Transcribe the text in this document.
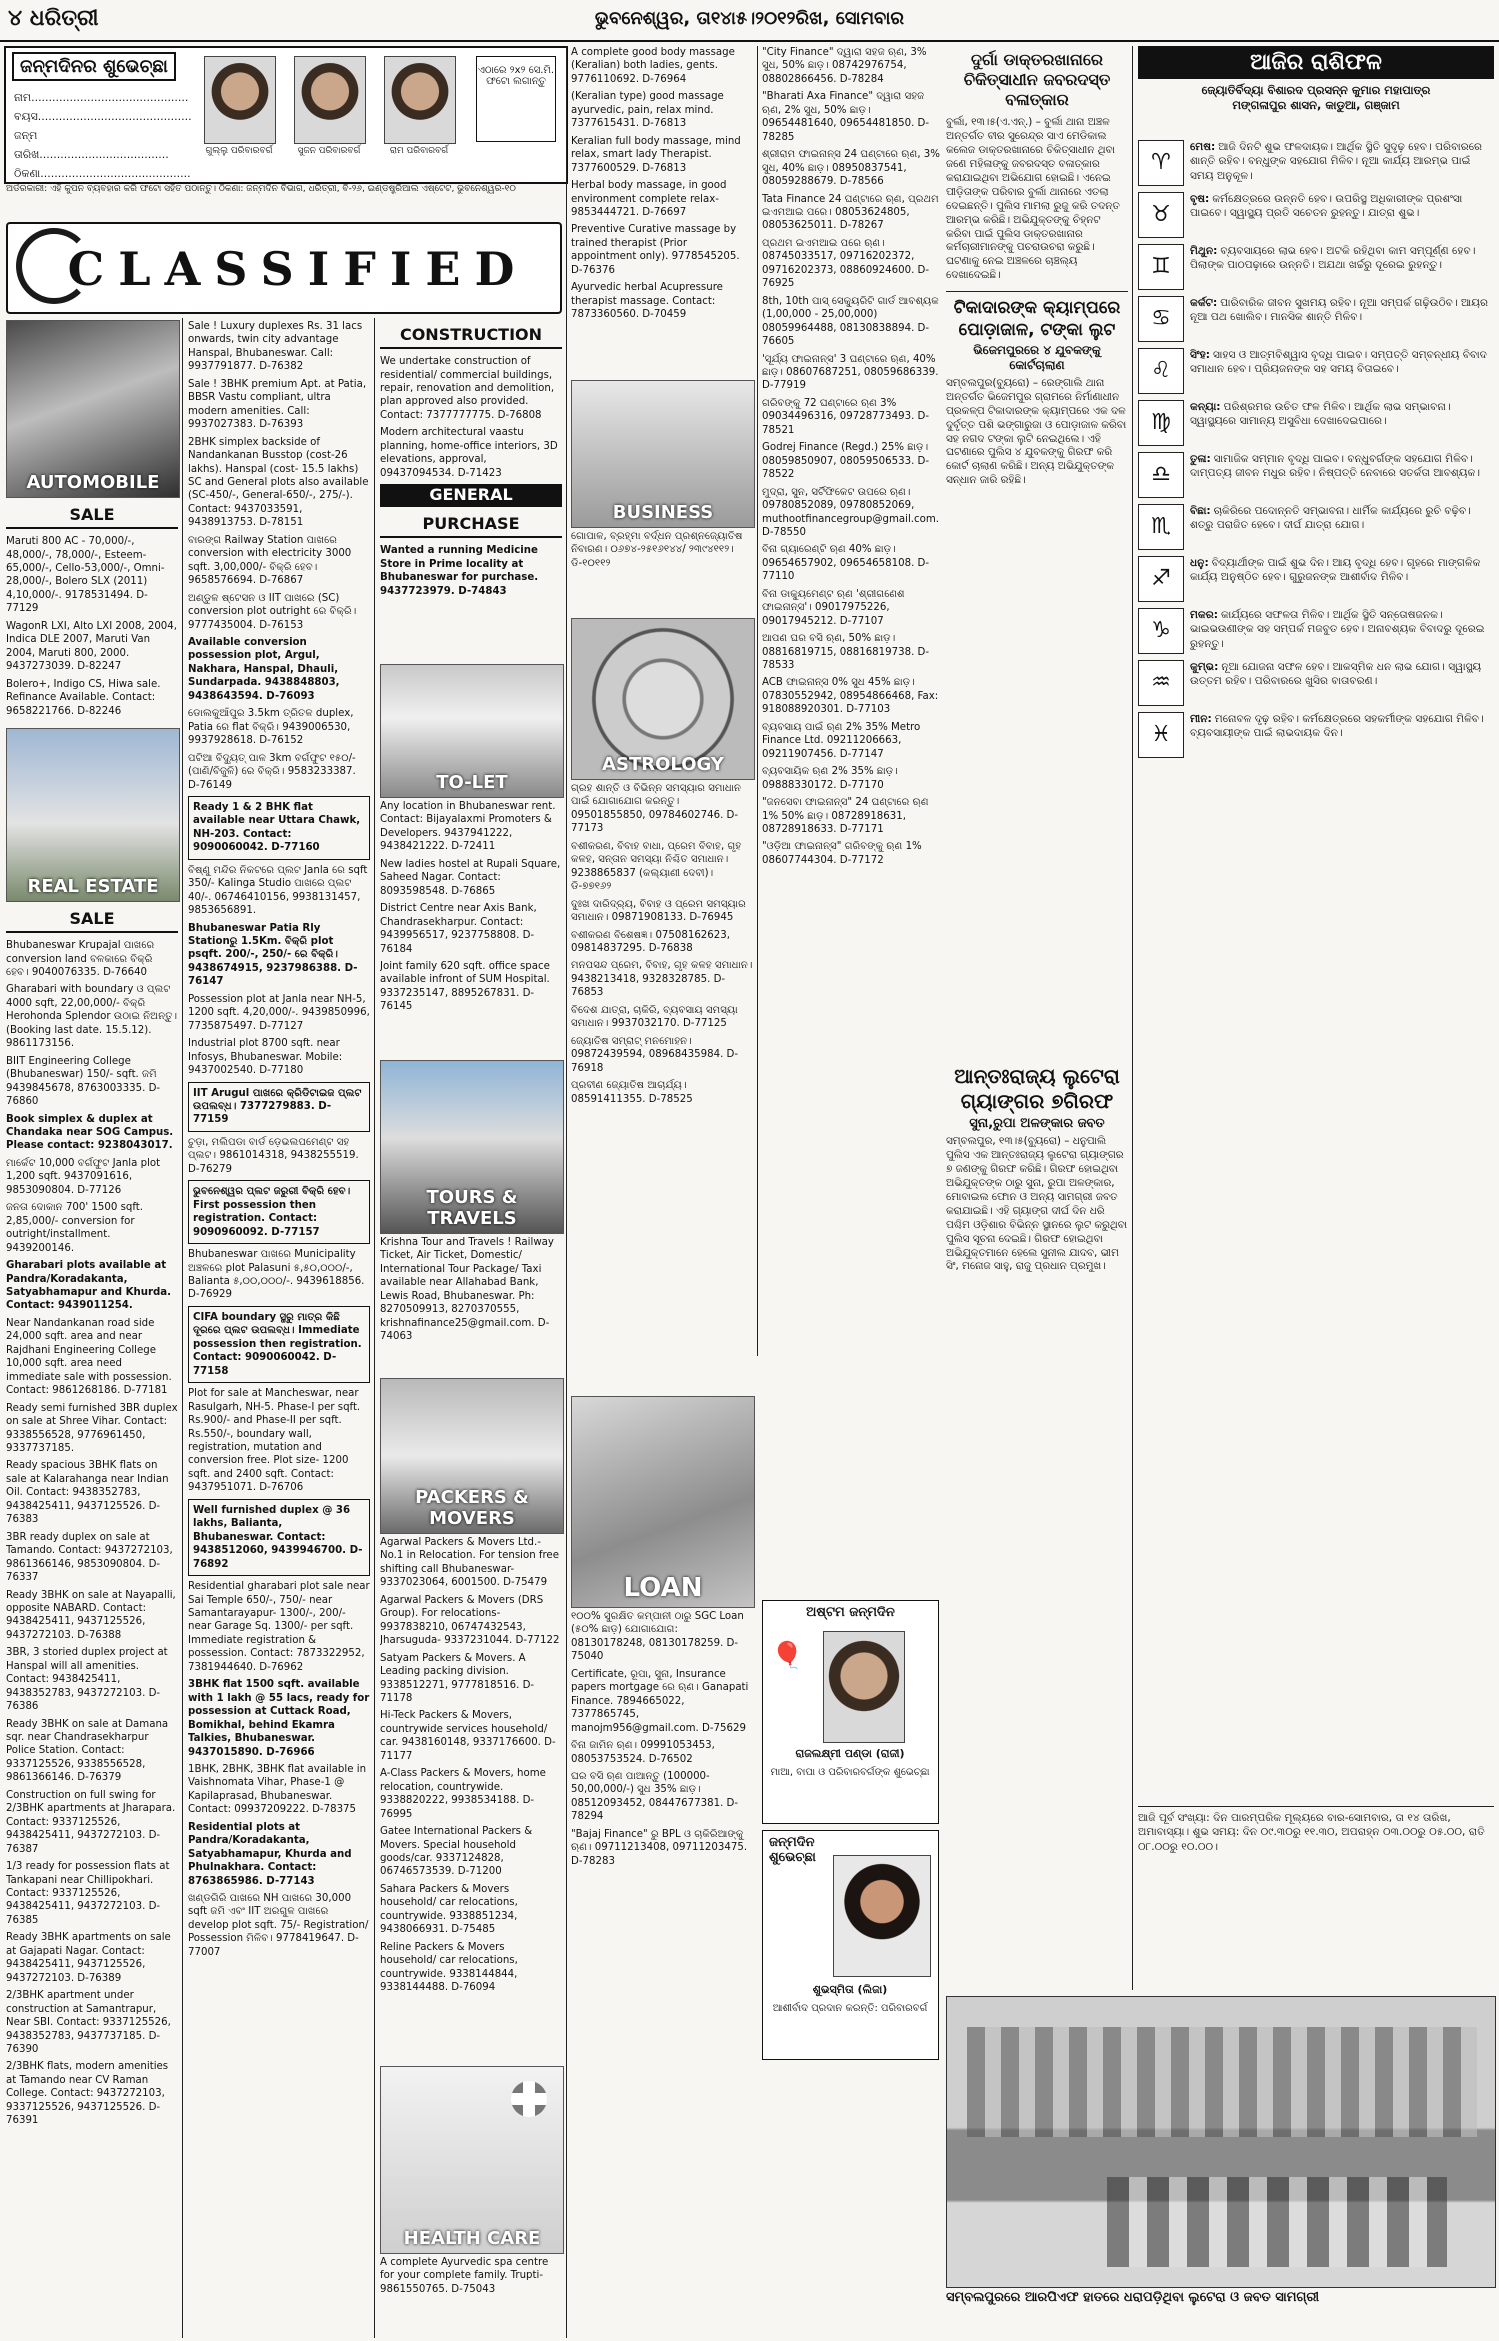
୪ ଧରିତ୍ରୀ	ଭୁବନେଶ୍ୱର, ତା୧୪ା୫।୨୦୧୨ରିଖ, ସୋମବାର
ଜନ୍ମଦିନର ଶୁଭେଚ୍ଛା
ନାମ.............................................
ବୟସ............................................
ଜନ୍ମ ତାରିଖ.....................................
ଠିକଣା...........................................
ଗୁଲ୍ଲୁ ପରିବାରବର୍ଗ	ସୁଜନ ପରିବାରବର୍ଗ	ରାମ ପରିବାରବର୍ଗ
ଏଠାରେ ୨x୨ ସେ.ମି. ଫଟୋ ଲଗାନ୍ତୁ
ଅର୍ଡରକାରୀ: ଏହି କୁପନ ବ୍ୟବହାର କରି ଫଟୋ ସହିତ ପଠାନ୍ତୁ। ଠିକଣା: ଜନ୍ମଦିନ ବିଭାଗ, ଧରିତ୍ରୀ, ବି-୨୬, ଇଣ୍ଡଷ୍ଟ୍ରିଆଲ ଏଷ୍ଟେଟ, ଭୁବନେଶ୍ୱର-୧୦
CLASSIFIED
AUTOMOBILE
SALE

Maruti 800 AC - 70,000/-, 48,000/-, 78,000/-, Esteem-65,000/-, Cello-53,000/-, Omni-28,000/-, Bolero SLX (2011) 4,10,000/-. 9178531494. D-77129

WagonR LXI, Alto LXI 2008, 2004, Indica DLE 2007, Maruti Van 2004, Maruti 800, 2000. 9437273039. D-82247

Bolero+, Indigo CS, Hiwa sale. Refinance Available. Contact: 9658221766. D-82246

REAL ESTATE
SALE

Bhubaneswar Krupajal ପାଖରେ conversion land ବଳକାରେ ବିକ୍ରି ହେବ। 9040076335. D-76640

Gharabari with boundary ଓ ପ୍ଲଟ 4000 sqft, 22,00,000/- ବିକ୍ରି Herohonda Splendor ଉଠାଇ ନିଅନ୍ତୁ। (Booking last date. 15.5.12). 9861173156.

BIIT Engineering College (Bhubaneswar) 150/- sqft. ଜମି 9439845678, 8763003335. D-76860

Book simplex & duplex at Chandaka near SOG Campus. Please contact: 9238043017.

ମାର୍କେଟ 10,000 ବର୍ଗଫୁଟ Janla plot 1,200 sqft. 9437091616, 9853090804. D-77126

ଜନତା ଦୋକାନ 700' 1500 sqft. 2,85,000/- conversion for outright/installment. 9439200146.

Gharabari plots available at Pandra/Koradakanta, Satyabhamapur and Khurda. Contact: 9439011254.

Near Nandankanan road side 24,000 sqft. area and near Rajdhani Engineering College 10,000 sqft. area need immediate sale with possession. Contact: 9861268186. D-77181

Ready semi furnished 3BR duplex on sale at Shree Vihar. Contact: 9338556528, 9776961450, 9337737185.

Ready spacious 3BHK flats on sale at Kalarahanga near Indian Oil. Contact: 9438352783, 9438425411, 9437125526. D-76383

3BR ready duplex on sale at Tamando. Contact: 9437272103, 9861366146, 9853090804. D-76337

Ready 3BHK on sale at Nayapalli, opposite NABARD. Contact: 9438425411, 9437125526, 9437272103. D-76388

3BR, 3 storied duplex project at Hanspal will all amenities. Contact: 9438425411, 9438352783, 9437272103. D-76386

Ready 3BHK on sale at Damana sqr. near Chandrasekharpur Police Station. Contact: 9337125526, 9338556528, 9861366146. D-76379

Construction on full swing for 2/3BHK apartments at Jharapara. Contact: 9337125526, 9438425411, 9437272103. D-76387

1/3 ready for possession flats at Tankapani near Chillipokhari. Contact: 9337125526, 9438425411, 9437272103. D-76385

Ready 3BHK apartments on sale at Gajapati Nagar. Contact: 9438425411, 9437125526, 9437272103. D-76389

2/3BHK apartment under construction at Samantrapur, Near SBI. Contact: 9337125526, 9438352783, 9437737185. D-76390

2/3BHK flats, modern amenities at Tamando near CV Raman College. Contact: 9437272103, 9337125526, 9437125526. D-76391

Sale ! Luxury duplexes Rs. 31 lacs onwards, twin city advantage Hanspal, Bhubaneswar. Call: 9937791877. D-76382

Sale ! 3BHK premium Apt. at Patia, BBSR Vastu compliant, ultra modern amenities. Call: 9937027383. D-76393

2BHK simplex backside of Nandankanan Busstop (cost-26 lakhs). Hanspal (cost- 15.5 lakhs) SC and General plots also available (SC-450/-, General-650/-, 275/-). Contact: 9437033591, 9438913753. D-78151

ବାରଙ୍ଗ Railway Station ପାଖରେ conversion with electricity 3000 sqft. 3,00,000/- ବିକ୍ରି ହେବ। 9658576694. D-76867

ଅଣ୍ଡୁଳ ଷ୍ଟେସନ ଓ IIT ପାଖରେ (SC) conversion plot outright ରେ ବିକ୍ରି। 9777435004. D-76153

Available conversion possession plot, Argul, Nakhara, Hanspal, Dhauli, Sundarpada. 9438848803, 9438643594. D-76093

ଡୋଲକୁଆଁପୁର 3.5km ତ୍ରିତଳ duplex, Patia ରେ flat ବିକ୍ରି। 9439006530, 9937928618. D-76152

ପଟିଆ ବିଦ୍ୟୁତ୍ ପାଳ 3km ବର୍ଗଫୁଟ ୧୫୦/- (ପାଣି/ବିଜୁଳି) ରେ ବିକ୍ରି। 9583233387. D-76149

Ready 1 & 2 BHK flat available near Uttara Chawk, NH-203. Contact: 9090060042. D-77160

ବିଷ୍ଣୁ ମନ୍ଦିର ନିକଟରେ ପ୍ଲଟ Janla ରେ sqft 350/- Kalinga Studio ପାଖରେ ପ୍ଲଟ 40/-. 06746410156, 9938131457, 9853656891.

Bhubaneswar Patia Rly Stationରୁ 1.5Km. ବିକ୍ରି plot psqft. 200/-, 250/- ରେ ବିକ୍ରି। 9438674915, 9237986388. D-76147

Possession plot at Janla near NH-5, 1200 sqft. 4,20,000/-. 9439850996, 7735875497. D-77127

Industrial plot 8700 sqft. near Infosys, Bhubaneswar. Mobile: 9437002540. D-77180

IIT Arugul ପାଖରେ କ୍ରିଡିଟାଇଜ ପ୍ଲଟ ଉପଲବ୍ଧ। 7377279883. D-77159

ଚୁଡ଼ା, ମଲିପଡା ବାର୍ଡ ଡ଼େଭଲପମେଣ୍ଟ ସହ ପ୍ଲଟ। 9861014318, 9438255519. D-76279

ଭୁବନେଶ୍ୱର ପ୍ଲଟ ଜରୁରୀ ବିକ୍ରି ହେବ। First possession then registration. Contact: 9090960092. D-77157

Bhubaneswar ପାଖରେ Municipality ଅଞ୍ଚଳରେ plot Palasuni ୫,୫୦,୦୦୦/-, Balianta ୫,୦୦,୦୦୦/-. 9439618856. D-76929

CIFA boundary ସ୍ଥରୁ ମାତ୍ର କିଛି ଦୂରରେ ପ୍ଲଟ ଉପଲବ୍ଧ। Immediate possession then registration. Contact: 9090060042. D-77158

Plot for sale at Mancheswar, near Rasulgarh, NH-5. Phase-I per sqft. Rs.900/- and Phase-II per sqft. Rs.550/-, boundary wall, registration, mutation and conversion free. Plot size- 1200 sqft. and 2400 sqft. Contact: 9437951071. D-76706

Well furnished duplex @ 36 lakhs, Balianta, Bhubaneswar. Contact: 9438512060, 9439946700. D-76892

Residential gharabari plot sale near Sai Temple 650/-, 750/- near Samantarayapur- 1300/-, 200/- near Garage Sq. 1300/- per sqft. Immediate registration & possession. Contact: 7873322952, 7381944640. D-76962

3BHK flat 1500 sqft. available with 1 lakh @ 55 lacs, ready for possession at Cuttack Road, Bomikhal, behind Ekamra Talkies, Bhubaneswar. 9437015890. D-76966

1BHK, 2BHK, 3BHK flat available in Vaishnomata Vihar, Phase-1 @ Kapilaprasad, Bhubaneswar. Contact: 09937209222. D-78375

Residential plots at Pandra/Koradakanta, Satyabhamapur, Khurda and Phulnakhara. Contact: 8763865986. D-77143

ଖଣ୍ଡଗିରି ପାଖରେ NH ପାଖରେ 30,000 sqft ଜମି ଏବଂ IIT ଅରଗୁଳ ପାଖରେ develop plot sqft. 75/- Registration/ Possession ମିଳିବ। 9778419647. D-77007

CONSTRUCTION

We undertake construction of residential/ commercial buildings, repair, renovation and demolition, plan approved also provided. Contact: 7377777775. D-76808

Modern architectural vaastu planning, home-office interiors, 3D elevations, approval, 09437094534. D-71423

GENERAL
PURCHASE

Wanted a running Medicine Store in Prime locality at Bhubaneswar for purchase. 9437723979. D-74843

TO-LET

Any location in Bhubaneswar rent. Contact: Bijayalaxmi Promoters & Developers. 9437941222, 9438421222. D-72411

New ladies hostel at Rupali Square, Saheed Nagar. Contact: 8093598548. D-76865

District Centre near Axis Bank, Chandrasekharpur. Contact: 9439956517, 9237758808. D-76184

Joint family 620 sqft. office space available infront of SUM Hospital. 9337235147, 8895267831. D-76145

TOURS & TRAVELS

Krishna Tour and Travels ! Railway Ticket, Air Ticket, Domestic/ International Tour Package/ Taxi available near Allahabad Bank, Lewis Road, Bhubaneswar. Ph: 8270509913, 8270370555, krishnafinance25@gmail.com. D-74063

PACKERS & MOVERS

Agarwal Packers & Movers Ltd.- No.1 in Relocation. For tension free shifting call Bhubaneswar- 9337023064, 6001500. D-75479

Agarwal Packers & Movers (DRS Group). For relocations- 9937838210, 06747432543, Jharsuguda- 9337231044. D-77122

Satyam Packers & Movers. A Leading packing division. 9338512271, 9777818516. D-71178

Hi-Teck Packers & Movers, countrywide services household/ car. 9438160148, 9337176600. D-71177

A-Class Packers & Movers, home relocation, countrywide. 9338820222, 9938534188. D-76995

Gatee International Packers & Movers. Special household goods/car. 9337124828, 06746573539. D-71200

Sahara Packers & Movers household/ car relocations, countrywide. 9338851234, 9438066931. D-75485

Reline Packers & Movers household/ car relocations, countrywide. 9338144844, 9338144488. D-76094

HEALTH CARE

A complete Ayurvedic spa centre for your complete family. Trupti-9861550765. D-75043

A complete good body massage (Keralian) both ladies, gents. 9776110692. D-76964

(Keralian type) good massage ayurvedic, pain, relax mind. 7377615431. D-76813

Keralian full body massage, mind relax, smart lady Therapist. 7377600529. D-76813

Herbal body massage, in good environment complete relax- 9853444721. D-76697

Preventive Curative massage by trained therapist (Prior appointment only). 9778545205. D-76376

Ayurvedic herbal Acupressure therapist massage. Contact: 7873360560. D-70459

BUSINESS

ଗୋପାଳ, ବ୍ରହ୍ମା ବର୍ଦ୍ଧନ ପ୍ରଶ୍ନଜ୍ୟୋତିଷ ନିବାରଣ। ୦୬୭୪-୨୫୧୬୧୪୪/ ୨୩୯୪୧୧୨। ଡି-୧୦୧୧୨

ASTROLOGY

ଗ୍ରହ ଶାନ୍ତି ଓ ବିଭିନ୍ନ ସମସ୍ୟାର ସମାଧାନ ପାଇଁ ଯୋଗାଯୋଗ କରନ୍ତୁ। 09501855850, 09784602746. D-77173

ବଶୀକରଣ, ବିବାହ ବାଧା, ପ୍ରେମ ବିବାହ, ଗୃହ କଳହ, ସନ୍ତାନ ସମସ୍ୟା ନିଶ୍ଚିତ ସମାଧାନ। 9238865837 (କଲ୍ୟାଣୀ ଦେବୀ)। ଡି-୭୭୧୬୨

ଦୁଃଖ ଦାରିଦ୍ର୍ୟ, ବିବାହ ଓ ପ୍ରେମ ସମସ୍ୟାର ସମାଧାନ। 09871908133. D-76945

ବଶୀକରଣ ବିଶେଷଜ୍ଞ। 07508162623, 09814837295. D-76838

ମନପସନ୍ଦ ପ୍ରେମ, ବିବାହ, ଗୃହ କଳହ ସମାଧାନ। 9438213418, 9328328785. D-76853

ବିଦେଶ ଯାତ୍ରା, ଚାକିରି, ବ୍ୟବସାୟ ସମସ୍ୟା ସମାଧାନ। 9937032170. D-77125

ଜ୍ୟୋତିଷ ସମ୍ରାଟ୍ ମନମୋହନ। 09872439594, 08968435984. D-76918

ପ୍ରବୀଣ ଜ୍ୟୋତିଷ ଆଚାର୍ଯ୍ୟ। 08591411355. D-78525

LOAN

୧୦୦% ସୁରକ୍ଷିତ କମ୍ପାନୀ ଠାରୁ SGC Loan (୫୦% ଛାଡ଼) ଯୋଗାଯୋଗ: 08130178248, 08130178259. D-75040

Certificate, ରୂପା, ସୁନା, Insurance papers mortgage ରେ ଋଣ। Ganapati Finance. 7894665022, 7377865745, manojm956@gmail.com. D-75629

ବିନା ଜାମିନ ଋଣ। 09991053453, 08053753524. D-76502

ଘର ବସି ଋଣ ପାଆନ୍ତୁ (100000- 50,00,000/-) ସୁଧ 35% ଛାଡ଼। 08512093452, 08447677381. D-78294

"Bajaj Finance" ରୁ BPL ଓ ଚାକିରିଆଙ୍କୁ ଋଣ। 09711213408, 09711203475. D-78283

"City Finance" ଦ୍ୱାରା ସହଜ ଋଣ, 3% ସୁଧ, 50% ଛାଡ଼। 08742976754, 08802866456. D-78284

"Bharati Axa Finance" ଦ୍ୱାରା ସହଜ ଋଣ, 2% ସୁଧ, 50% ଛାଡ଼। 09654481640, 09654481850. D-78285

ଶ୍ରୀରାମ ଫାଇନାନ୍ସ 24 ଘଣ୍ଟାରେ ଋଣ, 3% ସୁଧ, 40% ଛାଡ଼। 08950837541, 08059288679. D-78566

Tata Finance 24 ଘଣ୍ଟାରେ ଋଣ, ପ୍ରଥମ ଇଏମଆଇ ପରେ। 08053624805, 08053625011. D-78267

ପ୍ରଥମ ଇଏମଆଇ ପରେ ଋଣ। 08745033517, 09716202372, 09716202373, 08860924600. D-76925

8th, 10th ପାସ୍ ସେକ୍ୟୁରିଟି ଗାର୍ଡ ଆବଶ୍ୟକ (1,00,000 - 25,00,000) 08059964488, 08130838894. D-76605

'ସୂର୍ଯ୍ୟ ଫାଇନାନ୍ସ' 3 ଘଣ୍ଟାରେ ଋଣ, 40% ଛାଡ଼। 08607687251, 08059686339. D-77919

ଗରିବଙ୍କୁ 72 ଘଣ୍ଟାରେ ଋଣ 3% 09034496316, 09728773493. D-78521

Godrej Finance (Regd.) 25% ଛାଡ଼। 08059850907, 08059506533. D-78522

ମୁଦ୍ରା, ସୁନ, ସର୍ଟିଫିକେଟ ଉପରେ ଋଣ। 09780852089, 09780852069, muthootfinancegroup@gmail.com. D-78550

ବିନା ଗ୍ୟାରେଣ୍ଟି ଋଣ 40% ଛାଡ଼। 09654657902, 09654658108. D-77110

ବିନା ଡାକ୍ୟୁମେଣ୍ଟ ଋଣ 'ଶ୍ରୀଗଣେଶ ଫାଇନାନ୍ସ'। 09017975226, 09017945212. D-77107

ଆପଣ ଘର ବସି ଋଣ, 50% ଛାଡ଼। 08816819715, 08816819738. D-78533

ACB ଫାଇନାନ୍ସ 0% ସୁଧ 45% ଛାଡ଼। 07830552942, 08954866468, Fax: 918088920301. D-77103

ବ୍ୟବସାୟ ପାଇଁ ଋଣ 2% 35% Metro Finance Ltd. 09211206663, 09211907456. D-77147

ବ୍ୟବସାୟିକ ଋଣ 2% 35% ଛାଡ଼। 09888330172. D-77170

"ଜନସେବା ଫାଇନାନ୍ସ" 24 ଘଣ୍ଟାରେ ଋଣ 1% 50% ଛାଡ଼। 08728918631, 08728918633. D-77171

"ଓଡ଼ିଆ ଫାଇନାନ୍ସ" ଗରିବଙ୍କୁ ଋଣ 1% 08607744304. D-77172

ଅଷ୍ଟମ ଜନ୍ମଦିନ
🎈
ରାଜଲକ୍ଷ୍ମୀ ପଣ୍ଡା (ରାଜୀ)
ମାଆ, ବାପା ଓ ପରିବାରବର୍ଗଙ୍କ ଶୁଭେଚ୍ଛା
ଜନ୍ମଦିନ ଶୁଭେଚ୍ଛା
ଶୁଭସ୍ମିତା (ଲିଜା)
ଆଶୀର୍ବାଦ ପ୍ରଦାନ କରନ୍ତି: ପରିବାରବର୍ଗ
ଦୁର୍ଗା ଡାକ୍ତରଖାନାରେ ଚିକିତ୍ସାଧୀନ ଜବରଦସ୍ତ ବଳାତ୍କାର
ବୁର୍ଲା, ୧୩।୫(ଏ.ଏନ୍.) – ବୁର୍ଲା ଥାନା ଅଞ୍ଚଳ ଅନ୍ତର୍ଗତ ବୀର ସୁରେନ୍ଦ୍ର ସାଏ ମେଡିକାଲ କଲେଜ ଡାକ୍ତରଖାନାରେ ଚିକିତ୍ସାଧୀନ ଥିବା ଜଣେ ମହିଳାଙ୍କୁ ଜବରଦସ୍ତ ବଳାତ୍କାର କରାଯାଇଥିବା ଅଭିଯୋଗ ହୋଇଛି। ଏନେଇ ପୀଡ଼ିତାଙ୍କ ପରିବାର ବୁର୍ଲା ଥାନାରେ ଏତଲା ଦେଇଛନ୍ତି। ପୁଲିସ ମାମଲା ରୁଜୁ କରି ତଦନ୍ତ ଆରମ୍ଭ କରିଛି। ଅଭିଯୁକ୍ତଙ୍କୁ ଚିହ୍ନଟ କରିବା ପାଇଁ ପୁଲିସ ଡାକ୍ତରଖାନାର କର୍ମଚାରୀମାନଙ୍କୁ ପଚରାଉଚରା କରୁଛି। ଘଟଣାକୁ ନେଇ ଅଞ୍ଚଳରେ ଚାଞ୍ଚଲ୍ୟ ଦେଖାଦେଇଛି।
ଟିକାଦାରଙ୍କ କ୍ୟାମ୍ପରେ ପୋଡ଼ାଜାଳ, ଟଙ୍କା ଲୁଟ
ଭିଜେମପୁରରେ ୪ ଯୁବକଙ୍କୁ କୋର୍ଟଚାଲାଣ
ସମ୍ବଲପୁର(ବ୍ୟୁରୋ) – ରେଙ୍ଗାଲି ଥାନା ଅନ୍ତର୍ଗତ ଭିଜେମପୁର ଗ୍ରାମରେ ନିର୍ମାଣାଧୀନ ପ୍ରକଳ୍ପ ଟିକାଦାରଙ୍କ କ୍ୟାମ୍ପରେ ଏକ ଦଳ ଦୁର୍ବୃତ୍ତ ପଶି ଭଙ୍ଗାରୁଜା ଓ ପୋଡ଼ାଜାଳ କରିବା ସହ ନଗଦ ଟଙ୍କା ଲୁଟି ନେଇଥିଲେ। ଏହି ଘଟଣାରେ ପୁଲିସ ୪ ଯୁବକଙ୍କୁ ଗିରଫ କରି କୋର୍ଟ ଚାଲାଣ କରିଛି। ଅନ୍ୟ ଅଭିଯୁକ୍ତଙ୍କ ସନ୍ଧାନ ଜାରି ରହିଛି।
ଆନ୍ତଃରାଜ୍ୟ ଲୁଟେରା ଗ୍ୟାଙ୍ଗର ୭ଗିରଫ
ସୁନା,ରୁପା ଅଳଙ୍କାର ଜବତ
ସମ୍ବଲପୁର, ୧୩।୫(ବ୍ୟୁରୋ) – ଧନୁପାଲି ପୁଲିସ ଏକ ଆନ୍ତଃରାଜ୍ୟ ଲୁଟେରା ଗ୍ୟାଙ୍ଗର ୭ ଜଣଙ୍କୁ ଗିରଫ କରିଛି। ଗିରଫ ହୋଇଥିବା ଅଭିଯୁକ୍ତଙ୍କ ଠାରୁ ସୁନା, ରୁପା ଅଳଙ୍କାର, ମୋବାଇଲ ଫୋନ ଓ ଅନ୍ୟ ସାମଗ୍ରୀ ଜବତ କରାଯାଇଛି। ଏହି ଗ୍ୟାଙ୍ଗ ଦୀର୍ଘ ଦିନ ଧରି ପଶ୍ଚିମ ଓଡ଼ିଶାର ବିଭିନ୍ନ ସ୍ଥାନରେ ଲୁଟ କରୁଥିବା ପୁଲିସ ସୂଚନା ଦେଇଛି। ଗିରଫ ହୋଇଥିବା ଅଭିଯୁକ୍ତମାନେ ହେଲେ ସୁନୀଲ ଯାଦବ, ଭୀମ ସିଂ, ମନୋଜ ସାହୁ, ରାଜୁ ପ୍ରଧାନ ପ୍ରମୁଖ।
ଆଜିର ରାଶିଫଳ
ଜ୍ୟୋତିର୍ବିଦ୍ୟା ବିଶାରଦ ପ୍ରସନ୍ନ କୁମାର ମହାପାତ୍ର
ମଙ୍ଗଳାପୁର ଶାସନ, କାଡୁଆ, ଗଞ୍ଜାମ
♈
ମେଷ: ଆଜି ଦିନଟି ଶୁଭ ଫଳଦାୟକ। ଆର୍ଥିକ ସ୍ଥିତି ସୁଦୃଢ଼ ହେବ। ପରିବାରରେ ଶାନ୍ତି ରହିବ। ବନ୍ଧୁଙ୍କ ସହଯୋଗ ମିଳିବ। ନୂଆ କାର୍ଯ୍ୟ ଆରମ୍ଭ ପାଇଁ ସମୟ ଅନୁକୂଳ।
♉
ବୃଷ: କର୍ମକ୍ଷେତ୍ରରେ ଉନ୍ନତି ହେବ। ଉପରିସ୍ଥ ଅଧିକାରୀଙ୍କ ପ୍ରଶଂସା ପାଇବେ। ସ୍ୱାସ୍ଥ୍ୟ ପ୍ରତି ସଚେତନ ରୁହନ୍ତୁ। ଯାତ୍ରା ଶୁଭ।
♊
ମିଥୁନ: ବ୍ୟବସାୟରେ ଲାଭ ହେବ। ଅଟକି ରହିଥିବା କାମ ସମ୍ପୂର୍ଣ୍ଣ ହେବ। ପିଲାଙ୍କ ପାଠପଢ଼ାରେ ଉନ୍ନତି। ଅଯଥା ଖର୍ଚ୍ଚରୁ ଦୂରେଇ ରୁହନ୍ତୁ।
♋
କର୍କଟ: ପାରିବାରିକ ଜୀବନ ସୁଖମୟ ରହିବ। ନୂଆ ସମ୍ପର୍କ ଗଢ଼ିଉଠିବ। ଆୟର ନୂଆ ପଥ ଖୋଲିବ। ମାନସିକ ଶାନ୍ତି ମିଳିବ।
♌
ସିଂହ: ସାହସ ଓ ଆତ୍ମବିଶ୍ୱାସ ବୃଦ୍ଧି ପାଇବ। ସମ୍ପତ୍ତି ସମ୍ବନ୍ଧୀୟ ବିବାଦ ସମାଧାନ ହେବ। ପ୍ରିୟଜନଙ୍କ ସହ ସମୟ ବିତାଇବେ।
♍
କନ୍ୟା: ପରିଶ୍ରମର ଉଚିତ ଫଳ ମିଳିବ। ଆର୍ଥିକ ଲାଭ ସମ୍ଭାବନା। ସ୍ୱାସ୍ଥ୍ୟରେ ସାମାନ୍ୟ ଅସୁବିଧା ଦେଖାଦେଇପାରେ।
♎
ତୁଳା: ସାମାଜିକ ସମ୍ମାନ ବୃଦ୍ଧି ପାଇବ। ବନ୍ଧୁବର୍ଗଙ୍କ ସହଯୋଗ ମିଳିବ। ଦାମ୍ପତ୍ୟ ଜୀବନ ମଧୁର ରହିବ। ନିଷ୍ପତ୍ତି ନେବାରେ ସତର୍କତା ଆବଶ୍ୟକ।
♏
ବିଛା: ଚାକିରିରେ ପଦୋନ୍ନତି ସମ୍ଭାବନା। ଧାର୍ମିକ କାର୍ଯ୍ୟରେ ରୁଚି ବଢ଼ିବ। ଶତ୍ରୁ ପରାଜିତ ହେବେ। ଦୀର୍ଘ ଯାତ୍ରା ଯୋଗ।
♐
ଧନୁ: ବିଦ୍ୟାର୍ଥୀଙ୍କ ପାଇଁ ଶୁଭ ଦିନ। ଆୟ ବୃଦ୍ଧି ହେବ। ଗୃହରେ ମାଙ୍ଗଳିକ କାର୍ଯ୍ୟ ଅନୁଷ୍ଠିତ ହେବ। ଗୁରୁଜନଙ୍କ ଆଶୀର୍ବାଦ ମିଳିବ।
♑
ମକର: କାର୍ଯ୍ୟରେ ସଫଳତା ମିଳିବ। ଆର୍ଥିକ ସ୍ଥିତି ସନ୍ତୋଷଜନକ। ଭାଇଭଉଣୀଙ୍କ ସହ ସମ୍ପର୍କ ମଜବୁତ ହେବ। ଅନାବଶ୍ୟକ ବିବାଦରୁ ଦୂରେଇ ରୁହନ୍ତୁ।
♒
କୁମ୍ଭ: ନୂଆ ଯୋଜନା ସଫଳ ହେବ। ଆକସ୍ମିକ ଧନ ଲାଭ ଯୋଗ। ସ୍ୱାସ୍ଥ୍ୟ ଉତ୍ତମ ରହିବ। ପରିବାରରେ ଖୁସିର ବାତାବରଣ।
♓
ମୀନ: ମନୋବଳ ଦୃଢ଼ ରହିବ। କର୍ମକ୍ଷେତ୍ରରେ ସହକର୍ମୀଙ୍କ ସହଯୋଗ ମିଳିବ। ବ୍ୟବସାୟୀଙ୍କ ପାଇଁ ଲାଭଦାୟକ ଦିନ।
ଆଜି ପୂର୍ବ ସଂଖ୍ୟା: ଦିନ ପାରମ୍ପରିକ ମୂଲ୍ୟରେ ବାର-ସୋମବାର, ତା ୧୪ ତାରିଖ, ଅମାବାସ୍ୟା। ଶୁଭ ସମୟ: ଦିନ ୦୯.୩୦ରୁ ୧୧.୩୦, ଅପରାହ୍ନ ୦୩.୦୦ରୁ ୦୫.୦୦, ରାତି ୦୮.୦୦ରୁ ୧୦.୦୦।
ସମ୍ବଲପୁରରେ ଆରପିଏଫ ହାତରେ ଧରାପଡ଼ିଥିବା ଲୁଟେରା ଓ ଜବତ ସାମଗ୍ରୀ
